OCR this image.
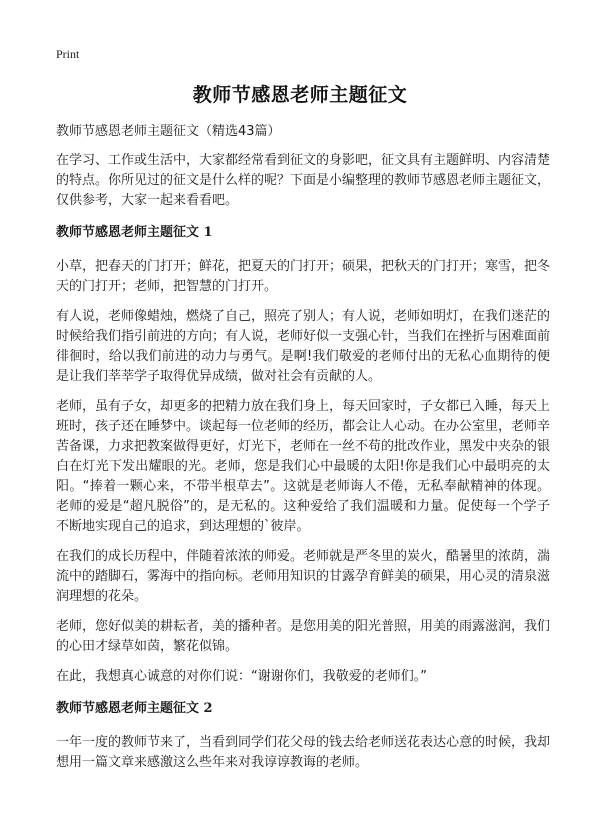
Print
教师节感恩老师主题征文

教师节感恩老师主题征文（精选43篇）

在学习、工作或生活中，大家都经常看到征文的身影吧，征文具有主题鲜明、内容清楚的特点。你所见过的征文是什么样的呢？下面是小编整理的教师节感恩老师主题征文，仅供参考，大家一起来看看吧。

教师节感恩老师主题征文 1

小草，把春天的门打开；鲜花，把夏天的门打开；硕果，把秋天的门打开；寒雪，把冬天的门打开；老师，把智慧的门打开。

有人说，老师像蜡烛，燃烧了自己，照亮了别人；有人说，老师如明灯，在我们迷茫的时候给我们指引前进的方向；有人说，老师好似一支强心针，当我们在挫折与困难面前徘徊时，给以我们前进的动力与勇气。是啊!我们敬爱的老师付出的无私心血期待的便是让我们莘莘学子取得优异成绩，做对社会有贡献的人。

老师，虽有子女，却更多的把精力放在我们身上，每天回家时，子女都已入睡，每天上班时，孩子还在睡梦中。谈起每一位老师的经历，都会让人心动。在办公室里，老师辛苦备课，力求把教案做得更好，灯光下，老师在一丝不苟的批改作业，黑发中夹杂的银白在灯光下发出耀眼的光。老师，您是我们心中最暖的太阳!你是我们心中最明亮的太阳。“捧着一颗心来，不带半根草去”。这就是老师诲人不倦，无私奉献精神的体现。老师的爱是“超凡脱俗”的，是无私的。这种爱给了我们温暖和力量。促使每一个学子不断地实现自己的追求，到达理想的`彼岸。

在我们的成长历程中，伴随着浓浓的师爱。老师就是严冬里的炭火，酷暑里的浓荫，湍流中的踏脚石，雾海中的指向标。老师用知识的甘露孕育鲜美的硕果，用心灵的清泉滋润理想的花朵。

老师，您好似美的耕耘者，美的播种者。是您用美的阳光普照，用美的雨露滋润，我们的心田才绿草如茵，繁花似锦。

在此，我想真心诚意的对你们说：“谢谢你们，我敬爱的老师们。”

教师节感恩老师主题征文 2

一年一度的教师节来了，当看到同学们花父母的钱去给老师送花表达心意的时候，我却想用一篇文章来感激这么些年来对我谆谆教诲的老师。
